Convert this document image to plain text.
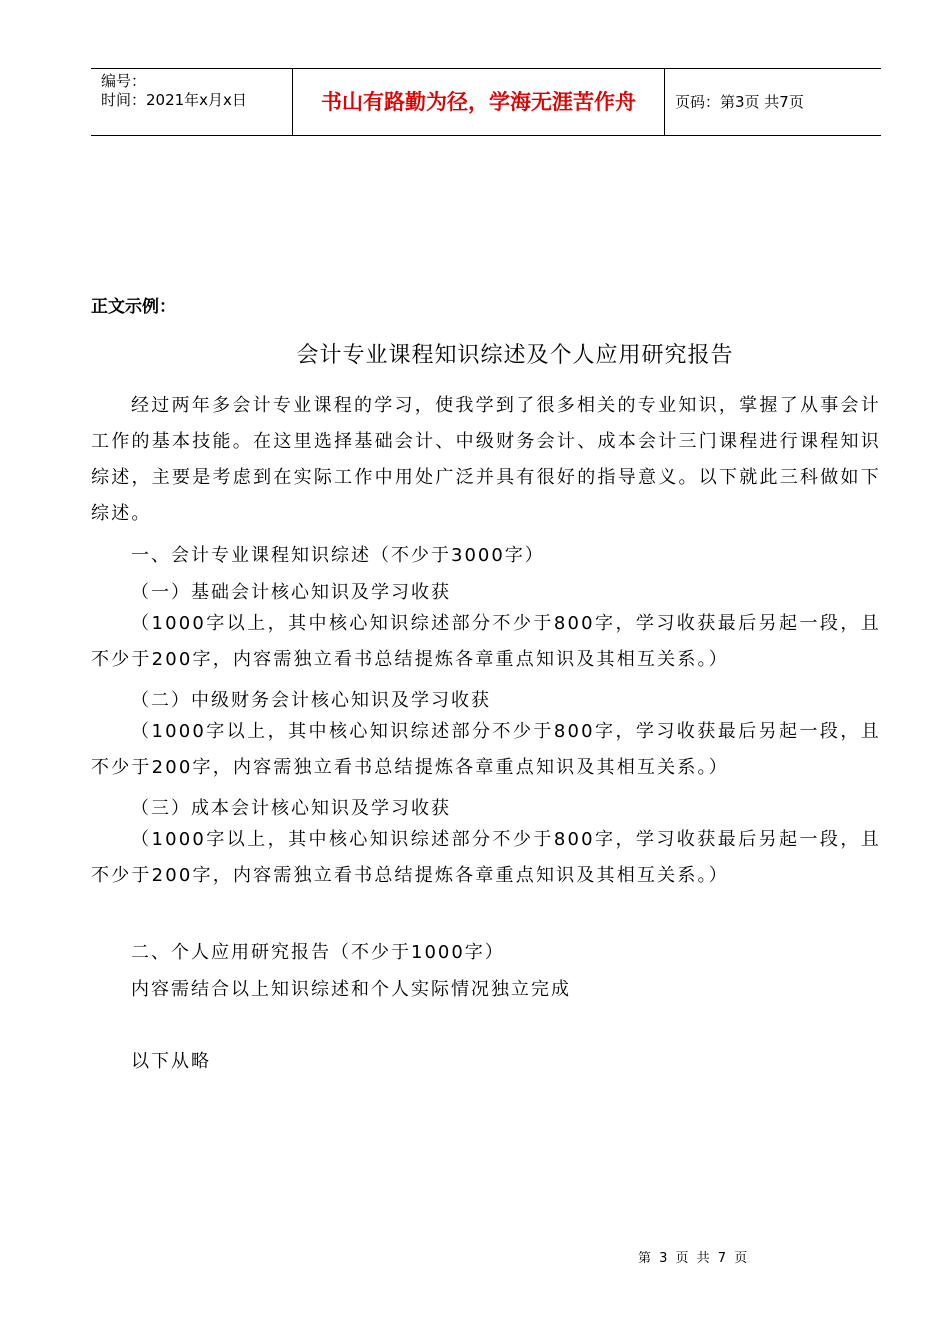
编号：
时间：2021年x月x日	书山有路勤为径，学海无涯苦作舟	页码：第3页 共7页
正文示例：
会计专业课程知识综述及个人应用研究报告
经过两年多会计专业课程的学习，使我学到了很多相关的专业知识，掌握了从事会计工作的基本技能。在这里选择基础会计、中级财务会计、成本会计三门课程进行课程知识综述，主要是考虑到在实际工作中用处广泛并具有很好的指导意义。以下就此三科做如下综述。
一、会计专业课程知识综述（不少于3000字）
（一）基础会计核心知识及学习收获
（1000字以上，其中核心知识综述部分不少于800字，学习收获最后另起一段，且不少于200字，内容需独立看书总结提炼各章重点知识及其相互关系。）
（二）中级财务会计核心知识及学习收获
（1000字以上，其中核心知识综述部分不少于800字，学习收获最后另起一段，且不少于200字，内容需独立看书总结提炼各章重点知识及其相互关系。）
（三）成本会计核心知识及学习收获
（1000字以上，其中核心知识综述部分不少于800字，学习收获最后另起一段，且不少于200字，内容需独立看书总结提炼各章重点知识及其相互关系。）
二、个人应用研究报告（不少于1000字）
内容需结合以上知识综述和个人实际情况独立完成
以下从略
第 3 页 共 7 页
